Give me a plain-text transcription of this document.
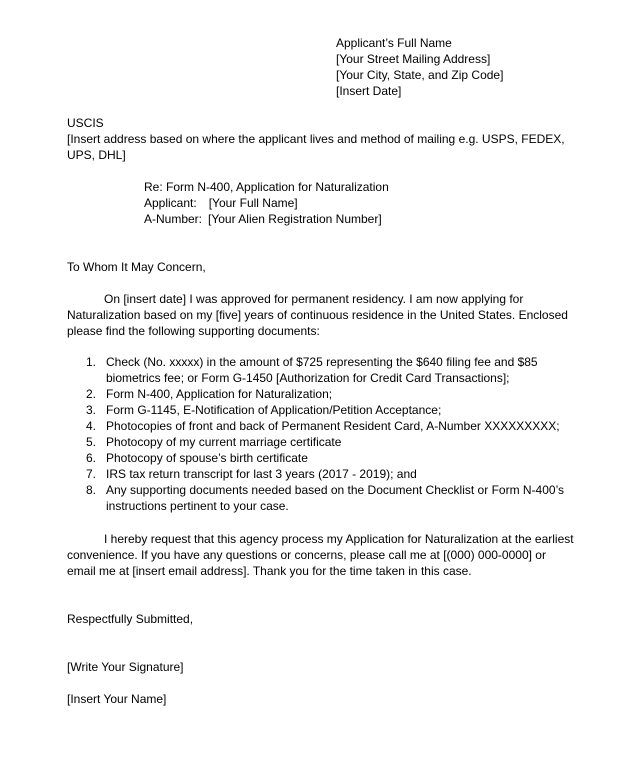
Applicant’s Full Name
[Your Street Mailing Address]
[Your City, State, and Zip Code]
[Insert Date]
USCIS
[Insert address based on where the applicant lives and method of mailing e.g. USPS, FEDEX,
UPS, DHL]
Re: Form N-400, Application for Naturalization
Applicant: [Your Full Name]
A-Number: [Your Alien Registration Number]
To Whom It May Concern,
On [insert date] I was approved for permanent residency. I am now applying for
Naturalization based on my [five] years of continuous residence in the United States. Enclosed
please find the following supporting documents:
1. Check (No. xxxxx) in the amount of $725 representing the $640 filing fee and $85
biometrics fee; or Form G-1450 [Authorization for Credit Card Transactions];
2. Form N-400, Application for Naturalization;
3. Form G-1145, E-Notification of Application/Petition Acceptance;
4. Photocopies of front and back of Permanent Resident Card, A-Number XXXXXXXXX;
5. Photocopy of my current marriage certificate
6. Photocopy of spouse’s birth certificate
7. IRS tax return transcript for last 3 years (2017 - 2019); and
8. Any supporting documents needed based on the Document Checklist or Form N-400’s
instructions pertinent to your case.
I hereby request that this agency process my Application for Naturalization at the earliest
convenience. If you have any questions or concerns, please call me at [(000) 000-0000] or
email me at [insert email address]. Thank you for the time taken in this case.
Respectfully Submitted,
[Write Your Signature]
[Insert Your Name]
